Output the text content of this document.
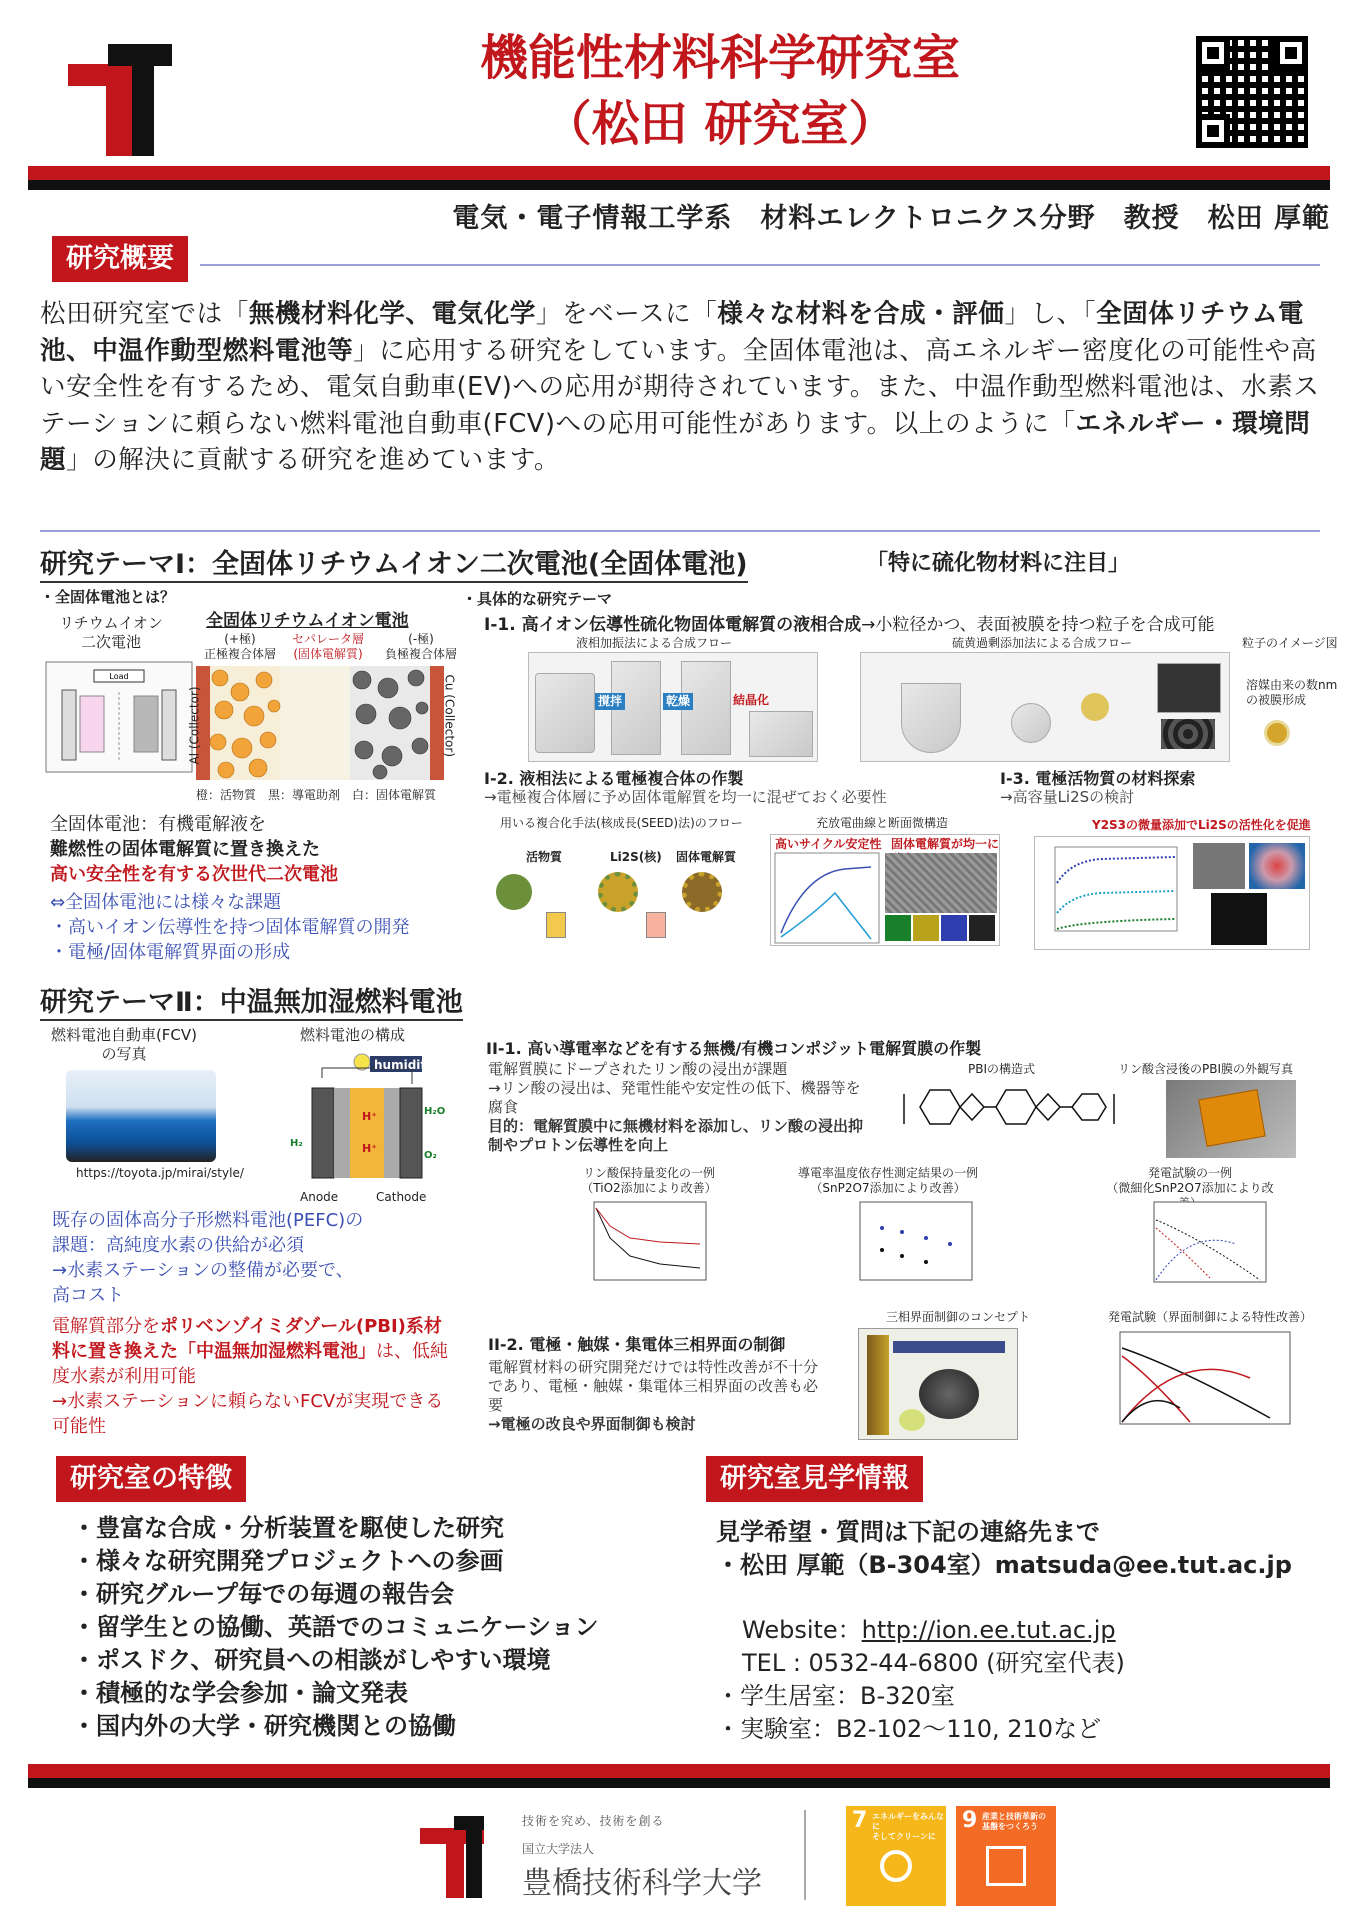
機能性材料科学研究室
（松田 研究室）
電気・電子情報工学系　材料エレクトロニクス分野　教授　松田 厚範
研究概要
松田研究室では「無機材料化学、電気化学」をベースに「様々な材料を合成・評価」し、「全固体リチウム電池、中温作動型燃料電池等」に応用する研究をしています。全固体電池は、高エネルギー密度化の可能性や高い安全性を有するため、電気自動車(EV)への応用が期待されています。また、中温作動型燃料電池は、水素ステーションに頼らない燃料電池自動車(FCV)への応用可能性があります。以上のように「エネルギー・環境問題」の解決に貢献する研究を進めています。
研究テーマⅠ：全固体リチウムイオン二次電池(全固体電池)	「特に硫化物材料に注目」
・全固体電池とは？
リチウムイオン
二次電池
Load
全固体リチウムイオン電池
(+極)
正極複合体層
セパレータ層
(固体電解質)
(-極)
負極複合体層
Al (Collector)	Cu (Collector)
橙：活物質　黒：導電助剤　白：固体電解質
全固体電池：有機電解液を
難燃性の固体電解質に置き換えた
高い安全性を有する次世代二次電池
⇔全固体電池には様々な課題
・高いイオン伝導性を持つ固体電解質の開発
・電極/固体電解質界面の形成
・具体的な研究テーマ
I-1. 高イオン伝導性硫化物固体電解質の液相合成→小粒径かつ、表面被膜を持つ粒子を合成可能
液相加振法による合成フロー	硫黄過剰添加法による合成フロー	粒子のイメージ図
撹拌	乾燥	結晶化
溶媒由来の数nm
の被膜形成
I-2. 液相法による電極複合体の作製
→電極複合体層に予め固体電解質を均一に混ぜておく必要性
用いる複合化手法(核成長(SEED)法)のフロー	充放電曲線と断面微構造
活物質	Li2S(核) 固体電解質
高いサイクル安定性 固体電解質が均一に
I-3. 電極活物質の材料探索
→高容量Li2Sの検討
Y2S3の微量添加でLi2Sの活性化を促進
研究テーマⅡ：中温無加湿燃料電池
燃料電池自動車(FCV)
の写真
https://toyota.jp/mirai/style/
燃料電池の構成
H⁺
H⁺
H₂O
O₂
H₂
humidifier
Anode	Cathode
既存の固体高分子形燃料電池(PEFC)の
課題：高純度水素の供給が必須
→水素ステーションの整備が必要で、
高コスト
電解質部分をポリベンゾイミダゾール(PBI)系材料に置き換えた「中温無加湿燃料電池」は、低純度水素が利用可能
→水素ステーションに頼らないFCVが実現できる可能性
II-1. 高い導電率などを有する無機/有機コンポジット電解質膜の作製
電解質膜にドープされたリン酸の浸出が課題
→リン酸の浸出は、発電性能や安定性の低下、機器等を腐食
目的：電解質膜中に無機材料を添加し、リン酸の浸出抑制やプロトン伝導性を向上
PBIの構造式	リン酸含浸後のPBI膜の外観写真
リン酸保持量変化の一例
（TiO2添加により改善）
導電率温度依存性測定結果の一例
（SnP2O7添加により改善）
発電試験の一例
（微細化SnP2O7添加により改
II-2. 電極・触媒・集電体三相界面の制御
電解質材料の研究開発だけでは特性改善が不十分であり、電極・触媒・集電体三相界面の改善も必要
→電極の改良や界面制御も検討
三相界面制御のコンセプト	発電試験（界面制御による特性改善）
研究室の特徴
・豊富な合成・分析装置を駆使した研究
・様々な研究開発プロジェクトへの参画
・研究グループ毎での毎週の報告会
・留学生との協働、英語でのコミュニケーション
・ポスドク、研究員への相談がしやすい環境
・積極的な学会参加・論文発表
・国内外の大学・研究機関との協働
研究室見学情報
見学希望・質問は下記の連絡先まで
・松田 厚範（B-304室）matsuda@ee.tut.ac.jp
Website：http://ion.ee.tut.ac.jp
TEL : 0532-44-6800 (研究室代表)
・学生居室：B-320室
・実験室：B2-102～110, 210など
技術を究め、技術を創る
国立大学法人
豊橋技術科学大学
7 エネルギーをみんなに
そしてクリーンに
9 産業と技術革新の
基盤をつくろう
